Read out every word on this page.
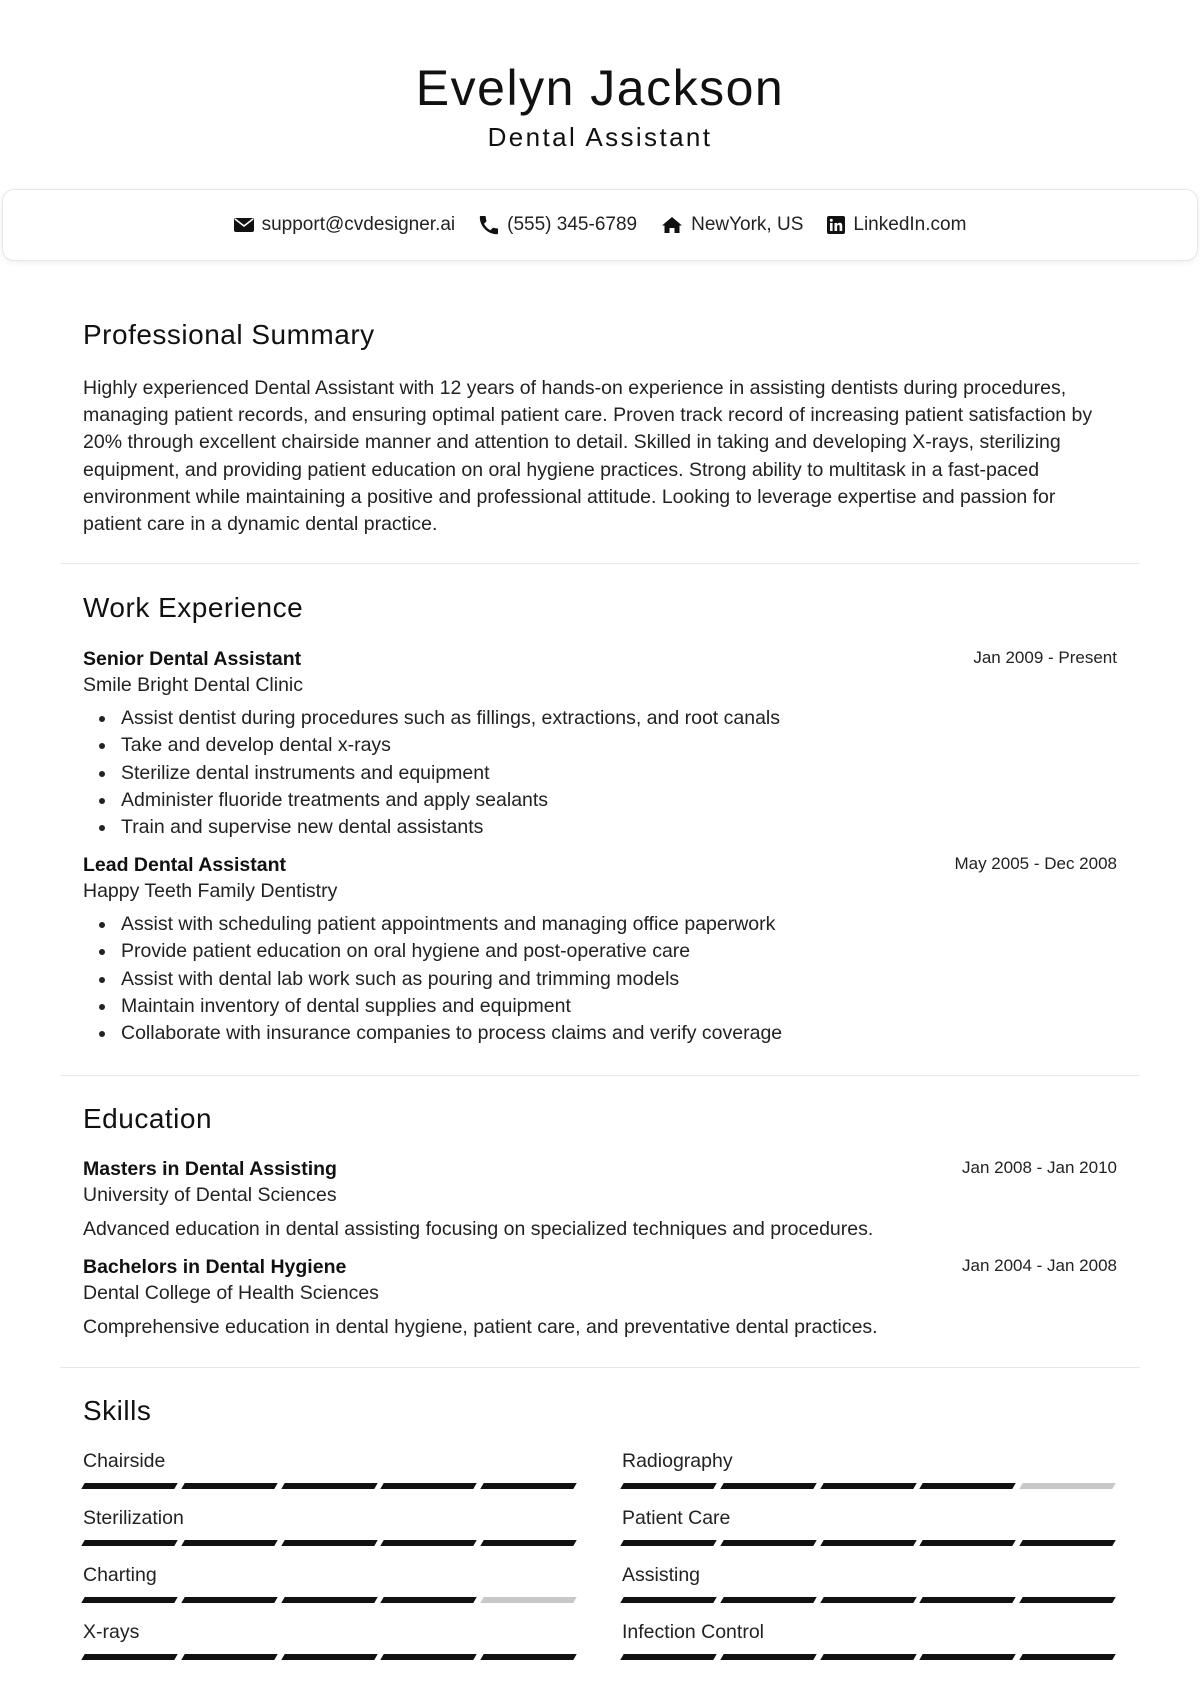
Evelyn Jackson
Dental Assistant
support@cvdesigner.ai	(555) 345-6789	NewYork, US	LinkedIn.com
Professional Summary
Highly experienced Dental Assistant with 12 years of hands-on experience in assisting dentists during procedures, managing patient records, and ensuring optimal patient care. Proven track record of increasing patient satisfaction by 20% through excellent chairside manner and attention to detail. Skilled in taking and developing X-rays, sterilizing equipment, and providing patient education on oral hygiene practices. Strong ability to multitask in a fast-paced environment while maintaining a positive and professional attitude. Looking to leverage expertise and passion for patient care in a dynamic dental practice.
Work Experience
Senior Dental Assistant	Jan 2009 - Present
Smile Bright Dental Clinic
Assist dentist during procedures such as fillings, extractions, and root canals
Take and develop dental x-rays
Sterilize dental instruments and equipment
Administer fluoride treatments and apply sealants
Train and supervise new dental assistants
Lead Dental Assistant	May 2005 - Dec 2008
Happy Teeth Family Dentistry
Assist with scheduling patient appointments and managing office paperwork
Provide patient education on oral hygiene and post-operative care
Assist with dental lab work such as pouring and trimming models
Maintain inventory of dental supplies and equipment
Collaborate with insurance companies to process claims and verify coverage
Education
Masters in Dental Assisting	Jan 2008 - Jan 2010
University of Dental Sciences
Advanced education in dental assisting focusing on specialized techniques and procedures.
Bachelors in Dental Hygiene	Jan 2004 - Jan 2008
Dental College of Health Sciences
Comprehensive education in dental hygiene, patient care, and preventative dental practices.
Skills
Chairside	Radiography
Sterilization	Patient Care
Charting	Assisting
X-rays	Infection Control
